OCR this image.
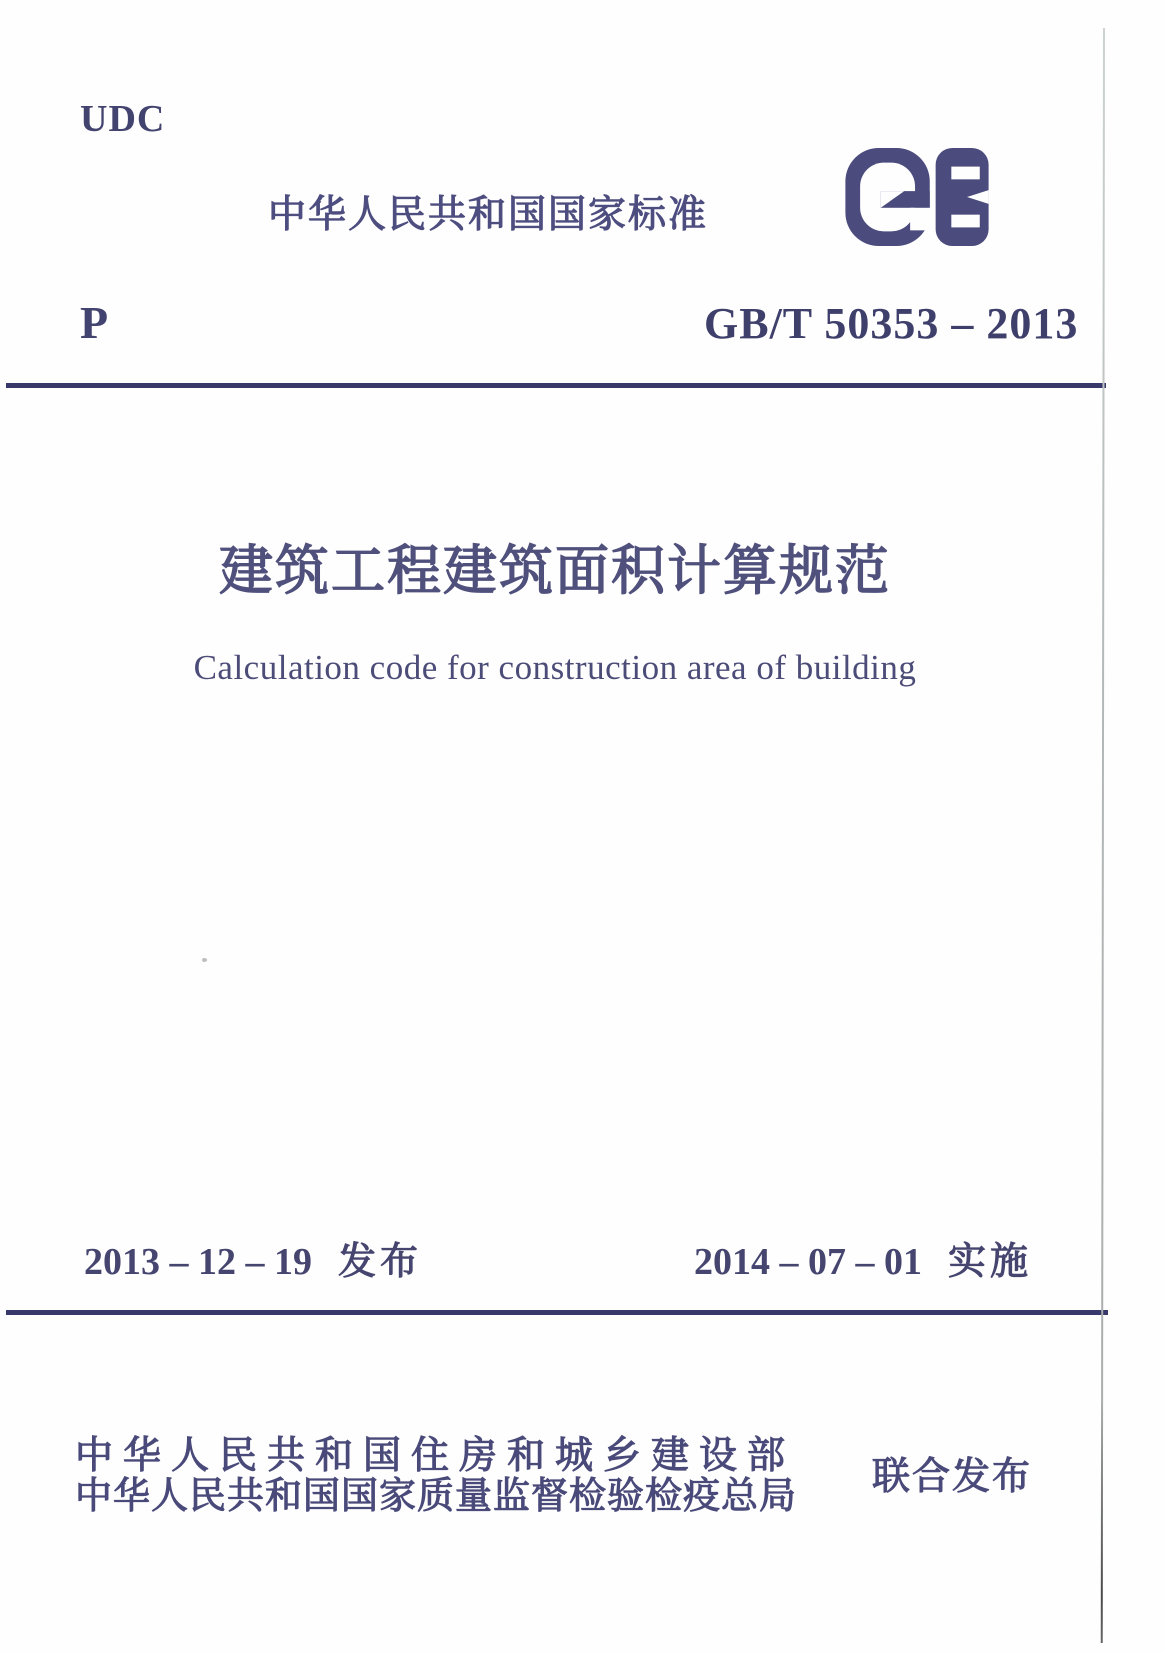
UDC
中华人民共和国国家标准
P	GB/T 50353 – 2013
建筑工程建筑面积计算规范
Calculation code for construction area of building
2013 – 12 – 19 发布	2014 – 07 – 01 实施
中华人民共和国住房和城乡建设部
中华人民共和国国家质量监督检验检疫总局 联合发布
